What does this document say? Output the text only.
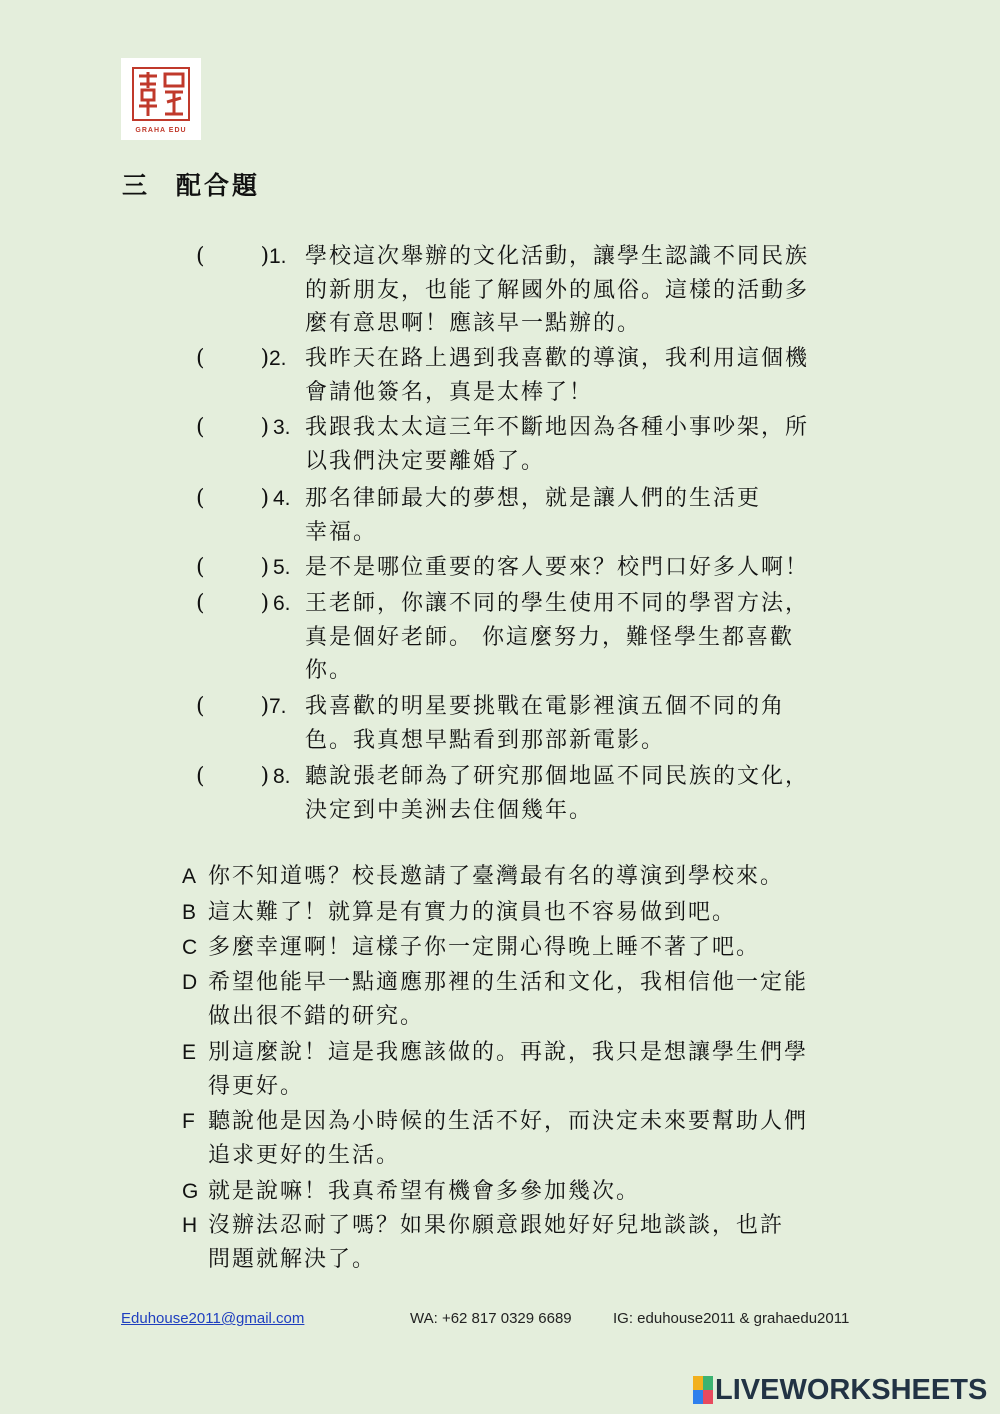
GRAHA EDU
三 配合題
(      )
1. 學校這次舉辦的文化活動，讓學生認識不同民族
的新朋友，也能了解國外的風俗。這樣的活動多
麼有意思啊！應該早一點辦的。
(      )
2. 我昨天在路上遇到我喜歡的導演，我利用這個機
會請他簽名，真是太棒了！
(      ) 3. 我跟我太太這三年不斷地因為各種小事吵架，所
以我們決定要離婚了。
(      ) 4. 那名律師最大的夢想，就是讓人們的生活更
幸福。
(      ) 5. 是不是哪位重要的客人要來？校門口好多人啊！
(      ) 6. 王老師，你讓不同的學生使用不同的學習方法，
真是個好老師。 你這麼努力，難怪學生都喜歡
你。
(      )
7. 我喜歡的明星要挑戰在電影裡演五個不同的角
色。我真想早點看到那部新電影。
(      ) 8. 聽說張老師為了研究那個地區不同民族的文化，
決定到中美洲去住個幾年。
A 你不知道嗎？校長邀請了臺灣最有名的導演到學校來。
B 這太難了！就算是有實力的演員也不容易做到吧。
C 多麼幸運啊！這樣子你一定開心得晚上睡不著了吧。
D 希望他能早一點適應那裡的生活和文化，我相信他一定能
做出很不錯的研究。
E 別這麼說！這是我應該做的。再說，我只是想讓學生們學
得更好。
F 聽說他是因為小時候的生活不好，而決定未來要幫助人們
追求更好的生活。
G 就是說嘛！我真希望有機會多參加幾次。
H 沒辦法忍耐了嗎？如果你願意跟她好好兒地談談，也許
問題就解決了。
Eduhouse2011@gmail.com	WA: +62 817 0329 6689	IG: eduhouse2011 & grahaedu2011
LIVEWORKSHEETS
